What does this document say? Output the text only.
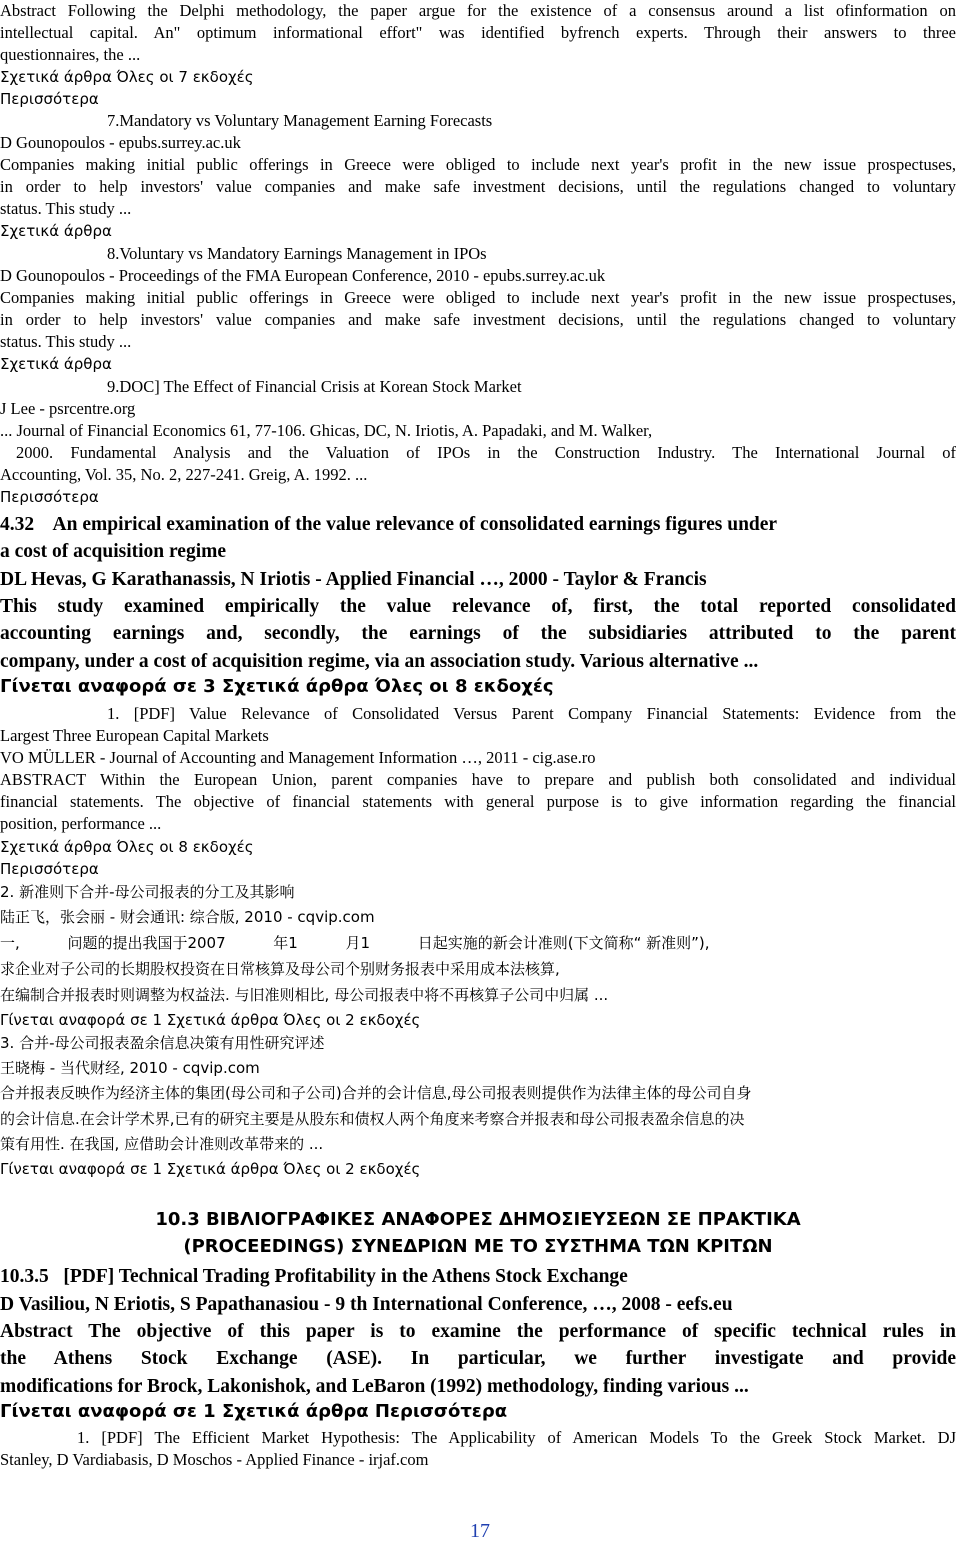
Abstract Following the Delphi methodology, the paper argue for the existence of a consensus around a list ofinformation on
intellectual capital. An" optimum informational effort" was identified byfrench experts. Through their answers to three
questionnaires, the ...
Σχετικά άρθρα Όλες οι 7 εκδοχές
Περισσότερα
7.Mandatory vs Voluntary Management Earning Forecasts
D Gounopoulos - epubs.surrey.ac.uk
Companies making initial public offerings in Greece were obliged to include next year's profit in the new issue prospectuses,
in order to help investors' value companies and make safe investment decisions, until the regulations changed to voluntary
status. This study ...
Σχετικά άρθρα
8.Voluntary vs Mandatory Earnings Management in IPOs
D Gounopoulos - Proceedings of the FMA European Conference, 2010 - epubs.surrey.ac.uk
Companies making initial public offerings in Greece were obliged to include next year's profit in the new issue prospectuses,
in order to help investors' value companies and make safe investment decisions, until the regulations changed to voluntary
status. This study ...
Σχετικά άρθρα
9.DOC] The Effect of Financial Crisis at Korean Stock Market
J Lee - psrcentre.org
... Journal of Financial Economics 61, 77-106. Ghicas, DC, N. Iriotis, A. Papadaki, and M. Walker,
2000. Fundamental Analysis and the Valuation of IPOs in the Construction Industry. The International Journal of
Accounting, Vol. 35, No. 2, 227-241. Greig, A. 1992. ...
Περισσότερα
4.32    An empirical examination of the value relevance of consolidated earnings figures under
a cost of acquisition regime
DL Hevas, G Karathanassis, N Iriotis - Applied Financial …, 2000 - Taylor & Francis
This study examined empirically the value relevance of, first, the total reported consolidated
accounting earnings and, secondly, the earnings of the subsidiaries attributed to the parent
company, under a cost of acquisition regime, via an association study. Various alternative ...
Γίνεται αναφορά σε 3 Σχετικά άρθρα Όλες οι 8 εκδοχές
1. [PDF] Value Relevance of Consolidated Versus Parent Company Financial Statements: Evidence from the
Largest Three European Capital Markets
VO MÜLLER - Journal of Accounting and Management Information …, 2011 - cig.ase.ro
ABSTRACT Within the European Union, parent companies have to prepare and publish both consolidated and individual
financial statements. The objective of financial statements with general purpose is to give information regarding the financial
position, performance ...
Σχετικά άρθρα Όλες οι 8 εκδοχές
Περισσότερα
2. 新准则下合并-母公司报表的分工及其影响
陆正飞，张会丽 - 财会通讯: 综合版, 2010 - cqvip.com
一,          问题的提出我国于2007          年1          月1          日起实施的新会计准则(下文简称“ 新准则”),
求企业对子公司的长期股权投资在日常核算及母公司个别财务报表中采用成本法核算,
在编制合并报表时则调整为权益法. 与旧准则相比, 母公司报表中将不再核算子公司中归属 ...
Γίνεται αναφορά σε 1 Σχετικά άρθρα Όλες οι 2 εκδοχές
3. 合并-母公司报表盈余信息决策有用性研究评述
王晓梅 - 当代财经, 2010 - cqvip.com
合并报表反映作为经济主体的集团(母公司和子公司)合并的会计信息,母公司报表则提供作为法律主体的母公司自身
的会计信息.在会计学术界,已有的研究主要是从股东和债权人两个角度来考察合并报表和母公司报表盈余信息的决
策有用性. 在我国, 应借助会计准则改革带来的 ...
Γίνεται αναφορά σε 1 Σχετικά άρθρα Όλες οι 2 εκδοχές
10.3 ΒΙΒΛΙΟΓΡΑΦΙΚΕΣ ΑΝΑΦΟΡΕΣ ΔΗΜΟΣΙΕΥΣΕΩΝ ΣΕ ΠΡΑΚΤΙΚΑ
(PROCEEDINGS) ΣΥΝΕΔΡΙΩΝ ΜΕ ΤΟ ΣΥΣΤΗΜΑ ΤΩΝ ΚΡΙΤΩΝ
10.3.5   [PDF] Technical Trading Profitability in the Athens Stock Exchange
D Vasiliou, N Eriotis, S Papathanasiou - 9 th International Conference, …, 2008 - eefs.eu
Abstract The objective of this paper is to examine the performance of specific technical rules in
the Athens Stock Exchange (ASE). In particular, we further investigate and provide
modifications for Brock, Lakonishok, and LeBaron (1992) methodology, finding various ...
Γίνεται αναφορά σε 1 Σχετικά άρθρα Περισσότερα
1. [PDF] The Efficient Market Hypothesis: The Applicability of American Models To the Greek Stock Market. DJ
Stanley, D Vardiabasis, D Moschos - Applied Finance - irjaf.com
17
